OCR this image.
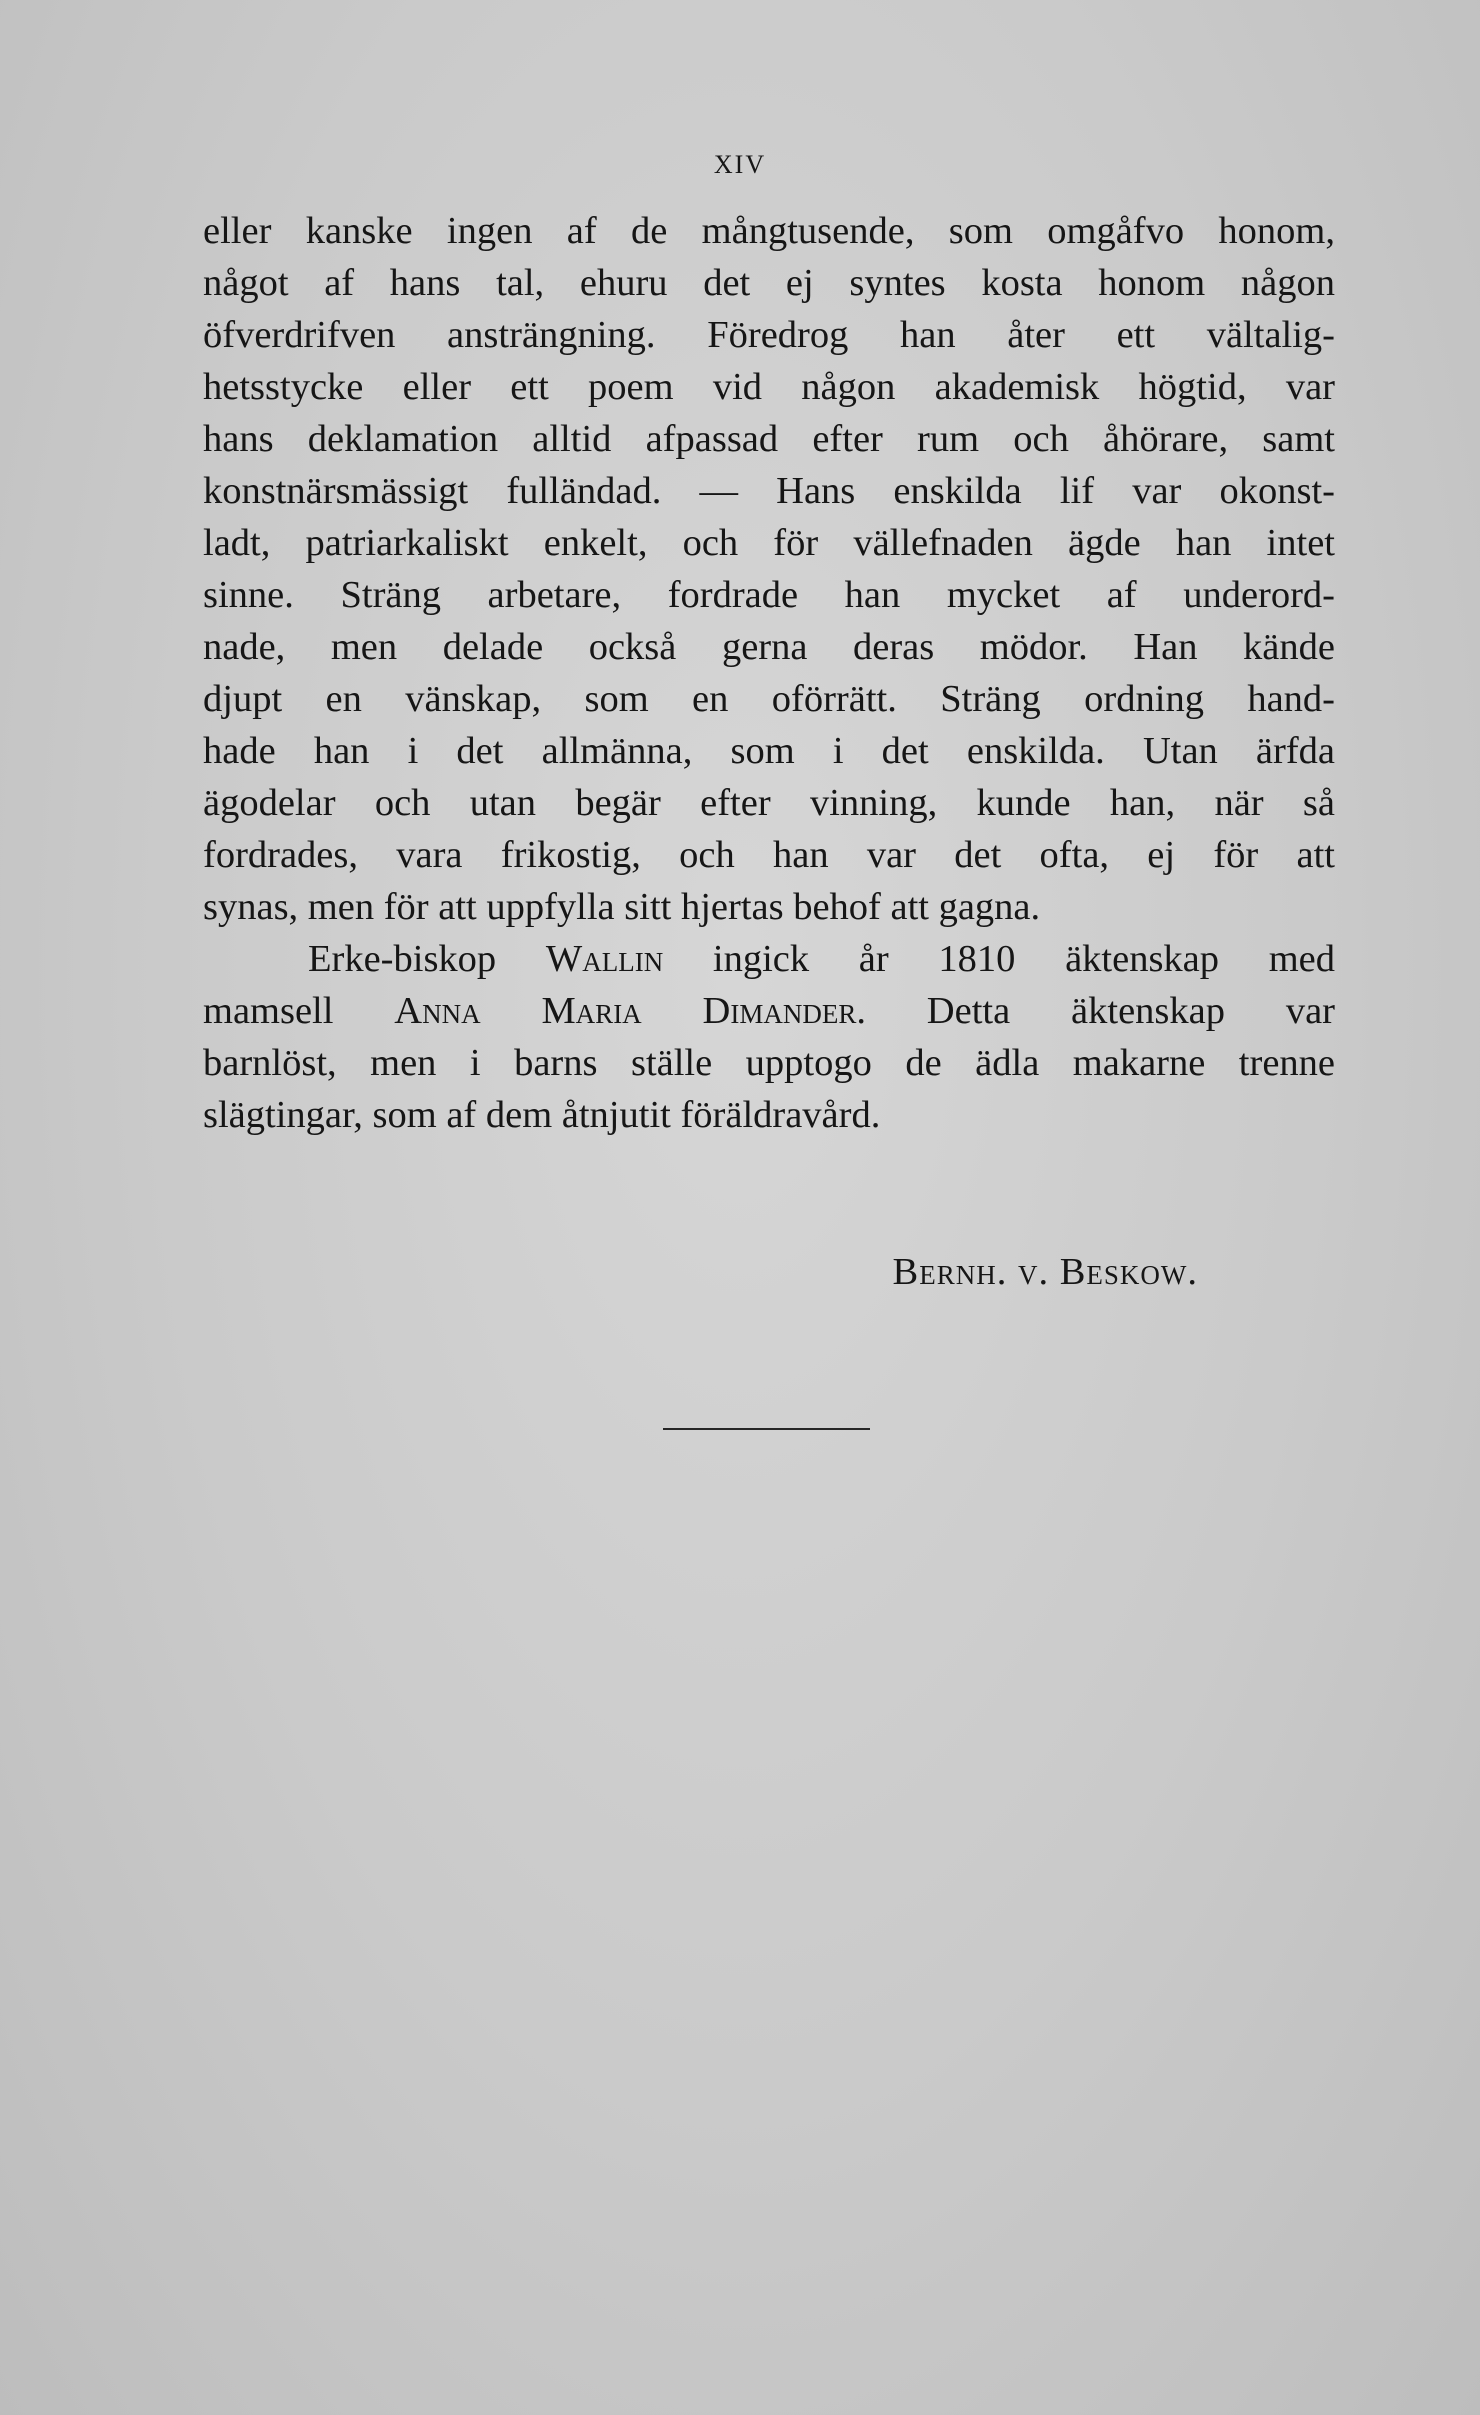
XIV
eller kanske ingen af de mångtusende, som omgåfvo honom,
något af hans tal, ehuru det ej syntes kosta honom någon
öfverdrifven ansträngning. Föredrog han åter ett vältalig-
hetsstycke eller ett poem vid någon akademisk högtid, var
hans deklamation alltid afpassad efter rum och åhörare, samt
konstnärsmässigt fulländad. — Hans enskilda lif var okonst-
ladt, patriarkaliskt enkelt, och för vällefnaden ägde han intet
sinne. Sträng arbetare, fordrade han mycket af underord-
nade, men delade också gerna deras mödor. Han kände
djupt en vänskap, som en oförrätt. Sträng ordning hand-
hade han i det allmänna, som i det enskilda. Utan ärfda
ägodelar och utan begär efter vinning, kunde han, när så
fordrades, vara frikostig, och han var det ofta, ej för att
synas, men för att uppfylla sitt hjertas behof att gagna.
Erke-biskop Wallin ingick år 1810 äktenskap med
mamsell Anna Maria Dimander. Detta äktenskap var
barnlöst, men i barns ställe upptogo de ädla makarne trenne
slägtingar, som af dem åtnjutit föräldravård.
Bernh. v. Beskow.
